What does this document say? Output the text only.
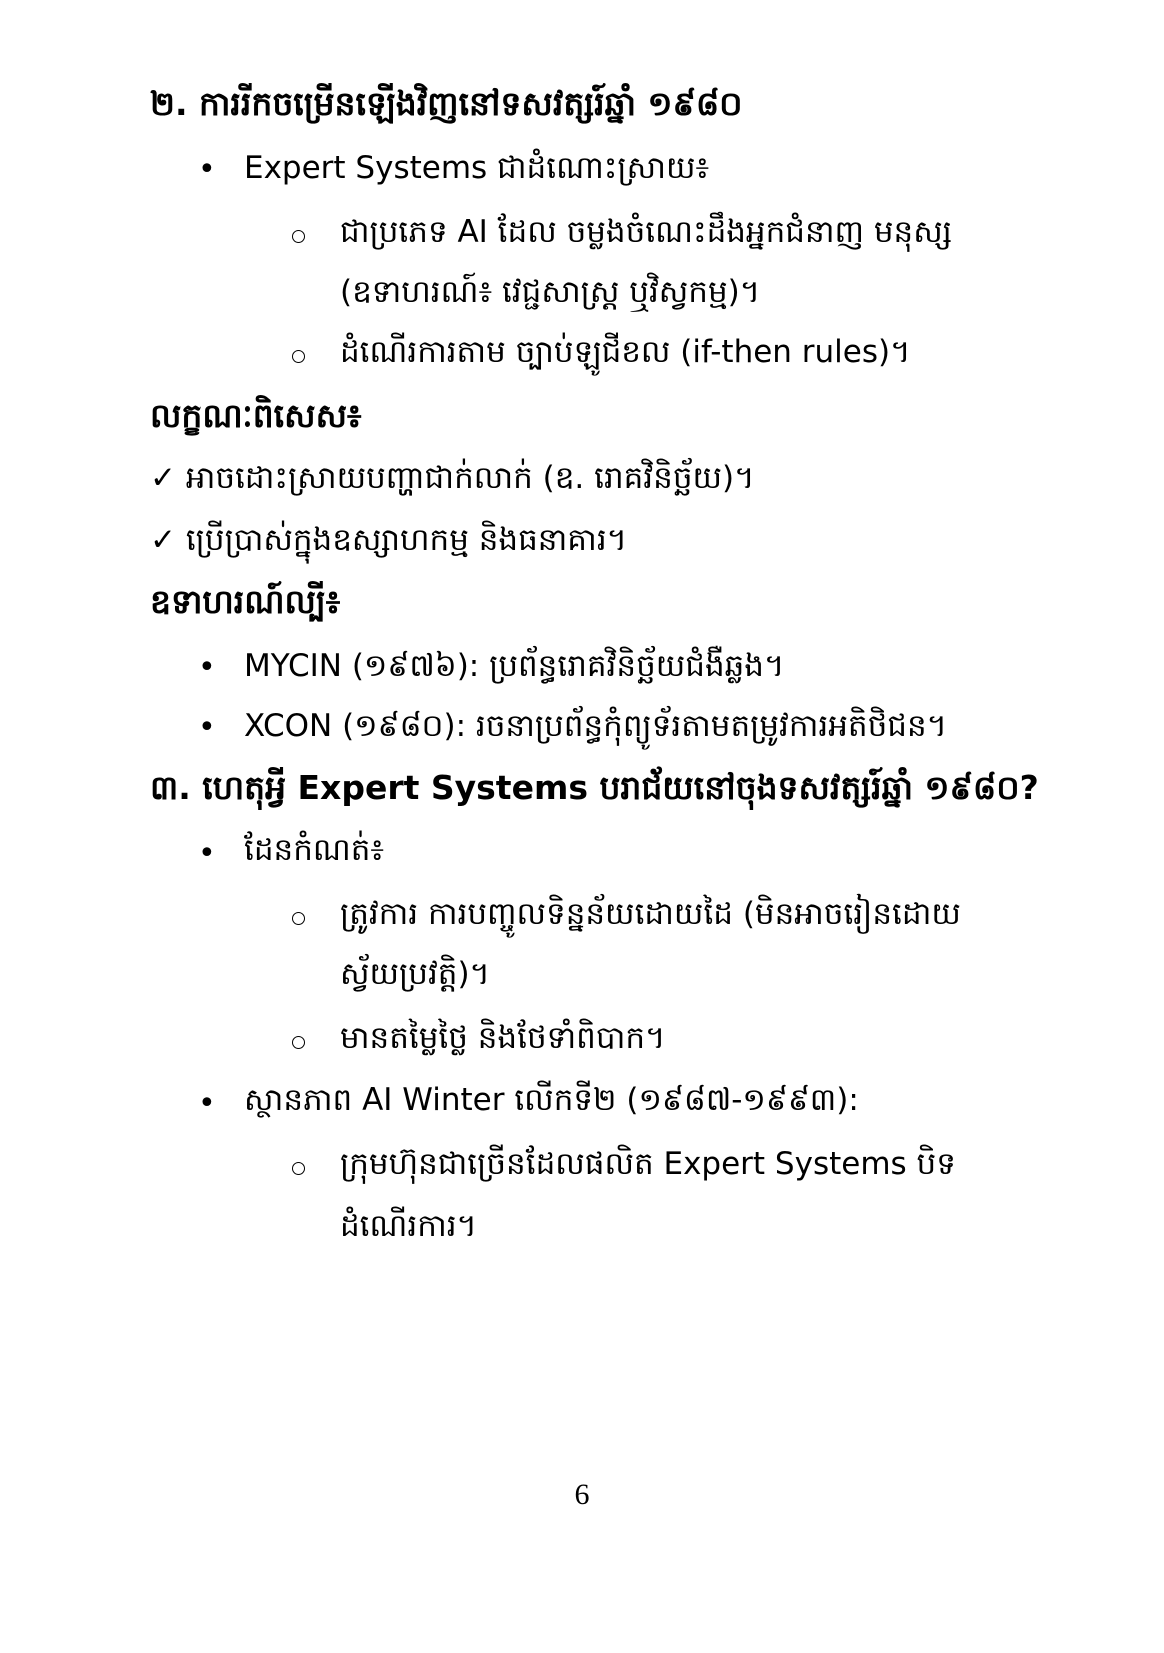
២. ការរីកចម្រើនឡើងវិញនៅទសវត្សរ៍ឆ្នាំ ១៩៨០
• Expert Systems ជាដំណោះស្រាយ៖
ជាប្រភេទ AI ដែល ចម្លងចំណេះដឹងអ្នកជំនាញ មនុស្ស
(ឧទាហរណ៍៖ វេជ្ជសាស្ត្រ ឬវិស្វកម្ម)។
ដំណើរការតាម ច្បាប់ឡូជីខល (if-then rules)។
លក្ខណៈពិសេស៖
✓ អាចដោះស្រាយបញ្ហាជាក់លាក់ (ឧ. រោគវិនិច្ឆ័យ)។
✓ ប្រើប្រាស់ក្នុងឧស្សាហកម្ម និងធនាគារ។
ឧទាហរណ៍ល្បី៖
• MYCIN (១៩៧៦): ប្រព័ន្ធរោគវិនិច្ឆ័យជំងឺឆ្លង។
• XCON (១៩៨០): រចនាប្រព័ន្ធកុំព្យូទ័រតាមតម្រូវការអតិថិជន។
៣. ហេតុអ្វី Expert Systems បរាជ័យនៅចុងទសវត្សរ៍ឆ្នាំ ១៩៨០?
• ដែនកំណត់៖
ត្រូវការ ការបញ្ចូលទិន្នន័យដោយដៃ (មិនអាចរៀនដោយ
ស្វ័យប្រវត្តិ)។
មានតម្លៃថ្លៃ និងថែទាំពិបាក។
• ស្ថានភាព AI Winter លើកទី២ (១៩៨៧-១៩៩៣):
ក្រុមហ៊ុនជាច្រើនដែលផលិត Expert Systems បិទ
ដំណើរការ។
6
